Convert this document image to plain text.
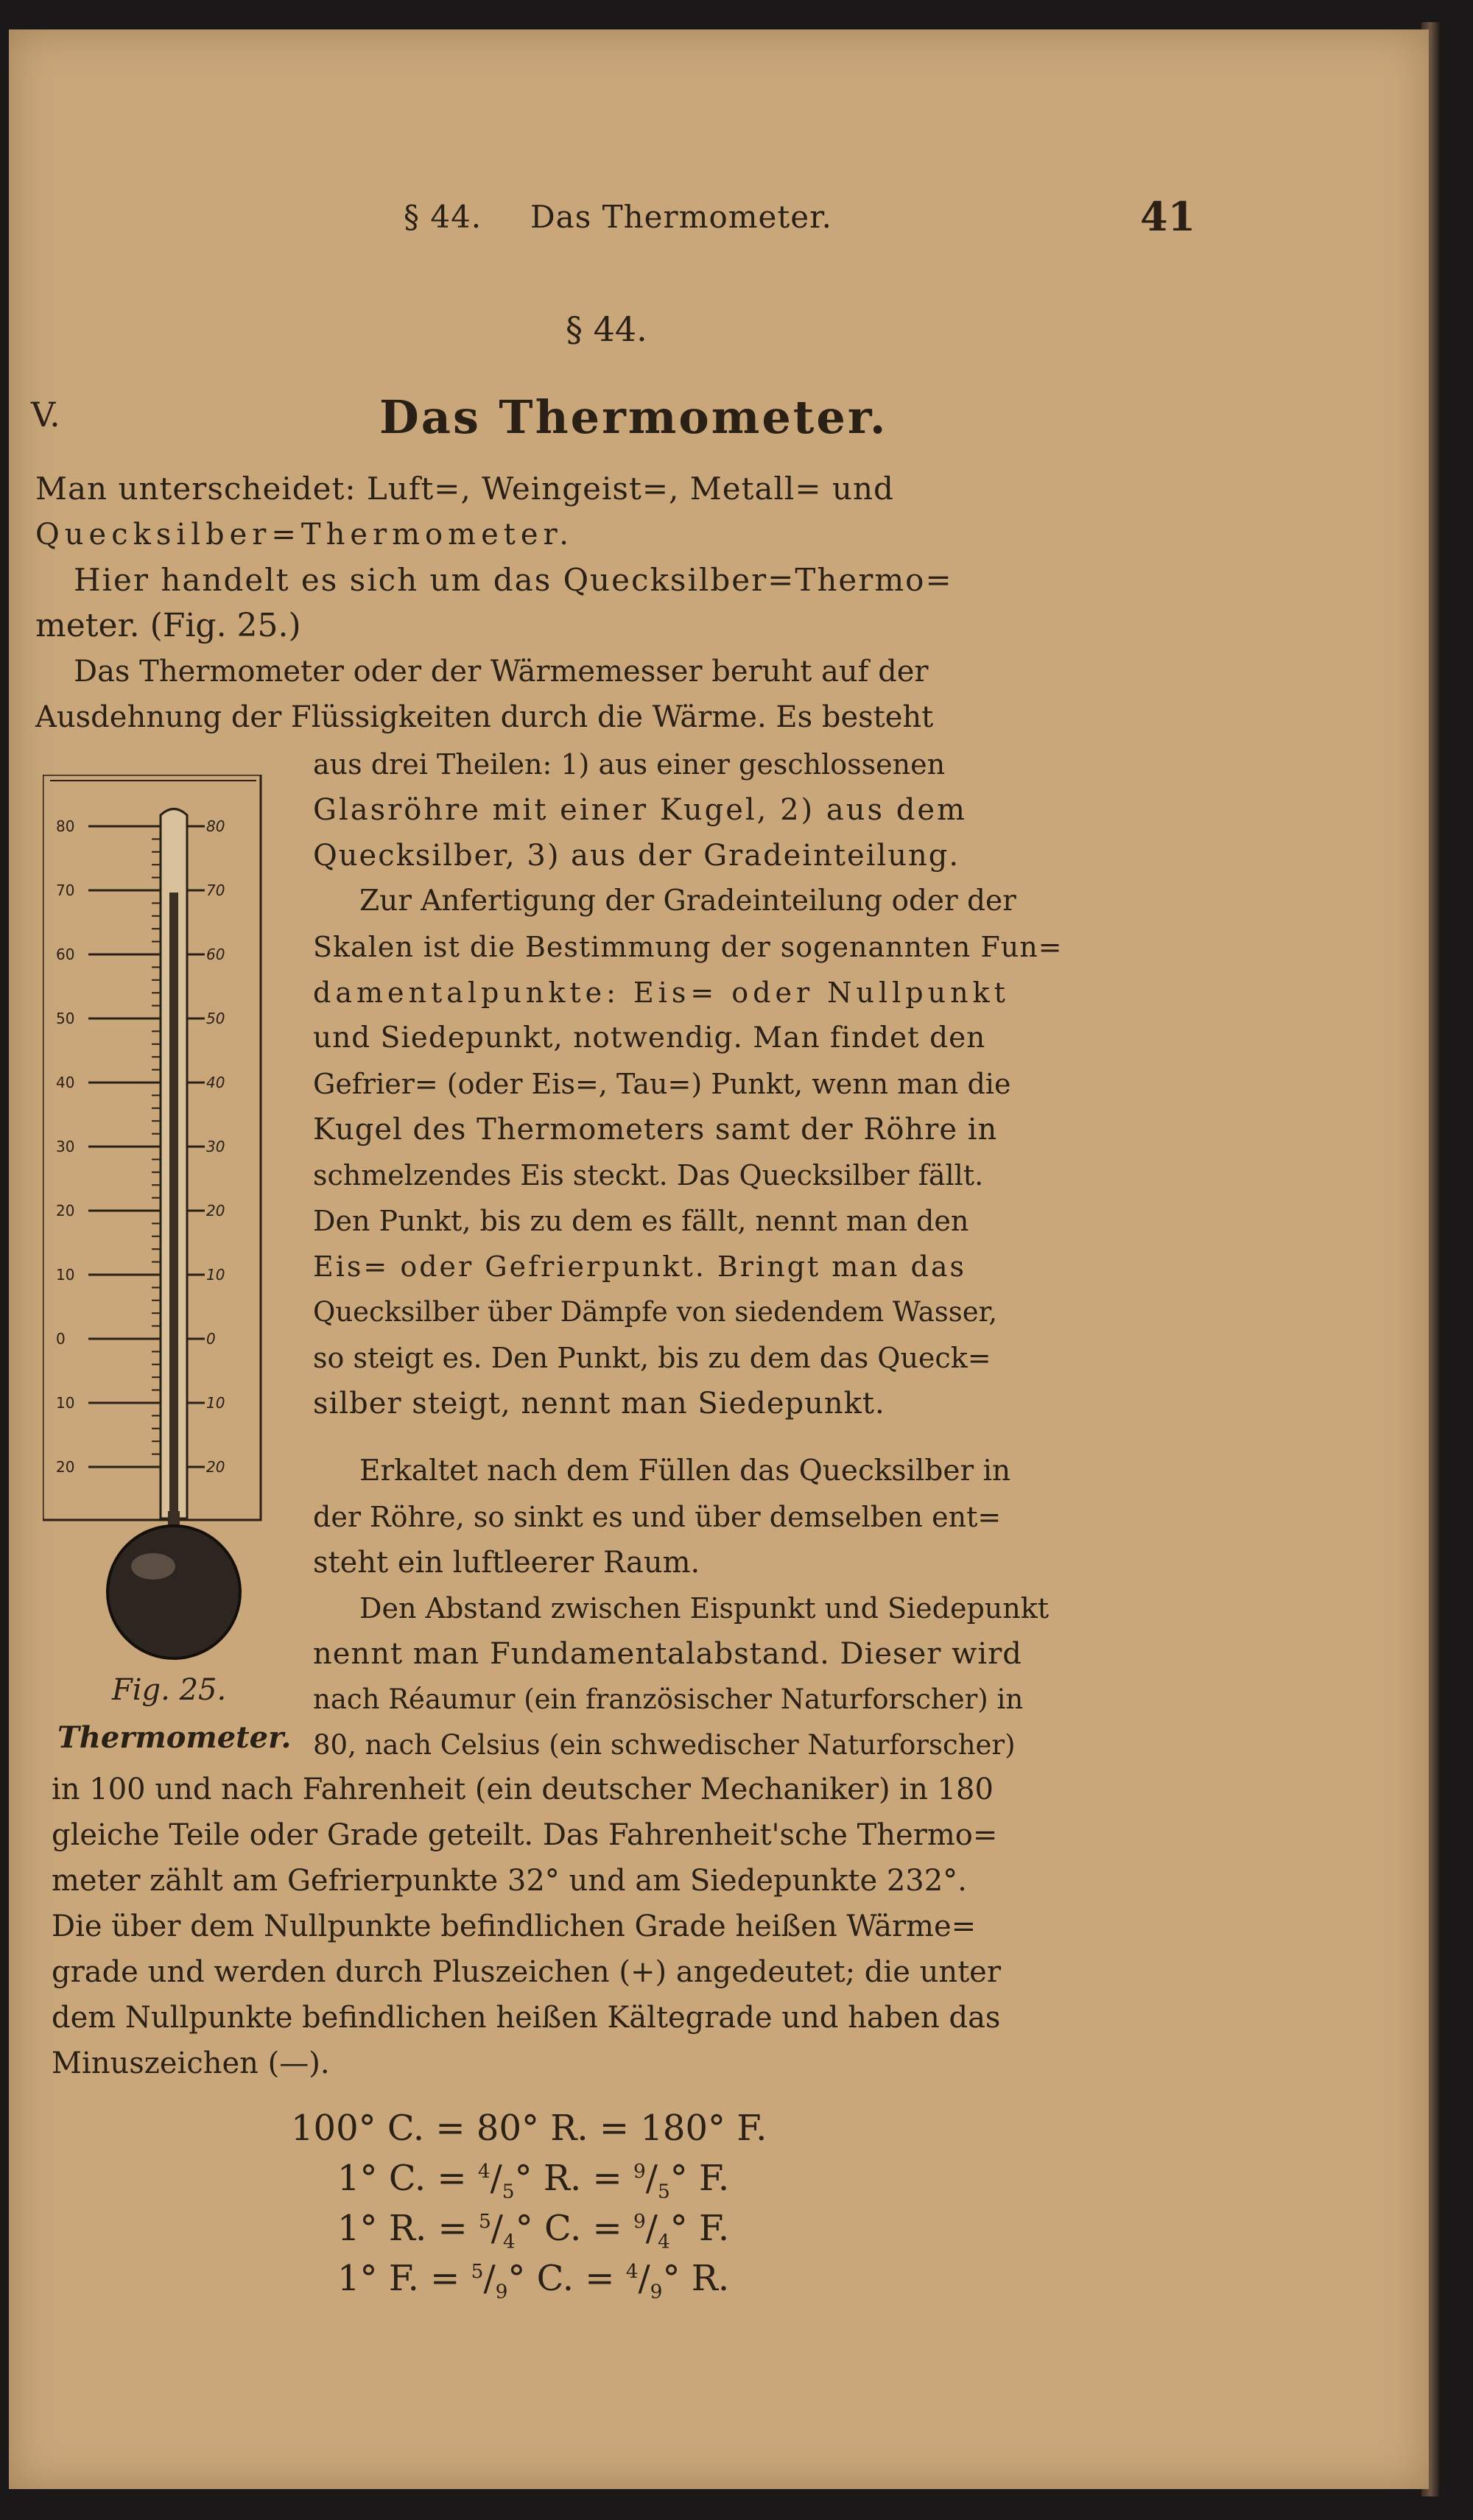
§ 44. Das Thermometer.	41
§ 44.
V.	Das Thermometer.
Man unterscheidet: Luft=, Weingeist=, Metall= und
Quecksilber=Thermometer.
Hier handelt es sich um das Quecksilber=Thermo=
meter. (Fig. 25.)
Das Thermometer oder der Wärmemesser beruht auf der
Ausdehnung der Flüssigkeiten durch die Wärme. Es besteht
aus drei Theilen: 1) aus einer geschlossenen
Glasröhre mit einer Kugel, 2) aus dem
Quecksilber, 3) aus der Gradeinteilung.
Zur Anfertigung der Gradeinteilung oder der
Skalen ist die Bestimmung der sogenannten Fun=
damentalpunkte: Eis= oder Nullpunkt
und Siedepunkt, notwendig. Man findet den
Gefrier= (oder Eis=, Tau=) Punkt, wenn man die
Kugel des Thermometers samt der Röhre in
schmelzendes Eis steckt. Das Quecksilber fällt.
Den Punkt, bis zu dem es fällt, nennt man den
Eis= oder Gefrierpunkt. Bringt man das
Quecksilber über Dämpfe von siedendem Wasser,
so steigt es. Den Punkt, bis zu dem das Queck=
silber steigt, nennt man Siedepunkt.
Erkaltet nach dem Füllen das Quecksilber in
der Röhre, so sinkt es und über demselben ent=
steht ein luftleerer Raum.
Den Abstand zwischen Eispunkt und Siedepunkt
nennt man Fundamentalabstand. Dieser wird
nach Réaumur (ein französischer Naturforscher) in
80, nach Celsius (ein schwedischer Naturforscher)
80
70
60
50
40
30
20
10
0
10
20
80
70
60
50
40
30
20
10
0
10
20
Fig. 25.
Thermometer.
in 100 und nach Fahrenheit (ein deutscher Mechaniker) in 180
gleiche Teile oder Grade geteilt. Das Fahrenheit'sche Thermo=
meter zählt am Gefrierpunkte 32° und am Siedepunkte 232°.
Die über dem Nullpunkte befindlichen Grade heißen Wärme=
grade und werden durch Pluszeichen (+) angedeutet; die unter
dem Nullpunkte befindlichen heißen Kältegrade und haben das
Minuszeichen (—).
100° C. = 80° R. = 180° F.
1° C. = $^4/_5^\circ$ R. = $^9/_5^\circ$ F.
1° R. = $^5/_4^\circ$ C. = $^9/_4^\circ$ F.
1° F. = $^5/_9^\circ$ C. = $^4/_9^\circ$ R.
